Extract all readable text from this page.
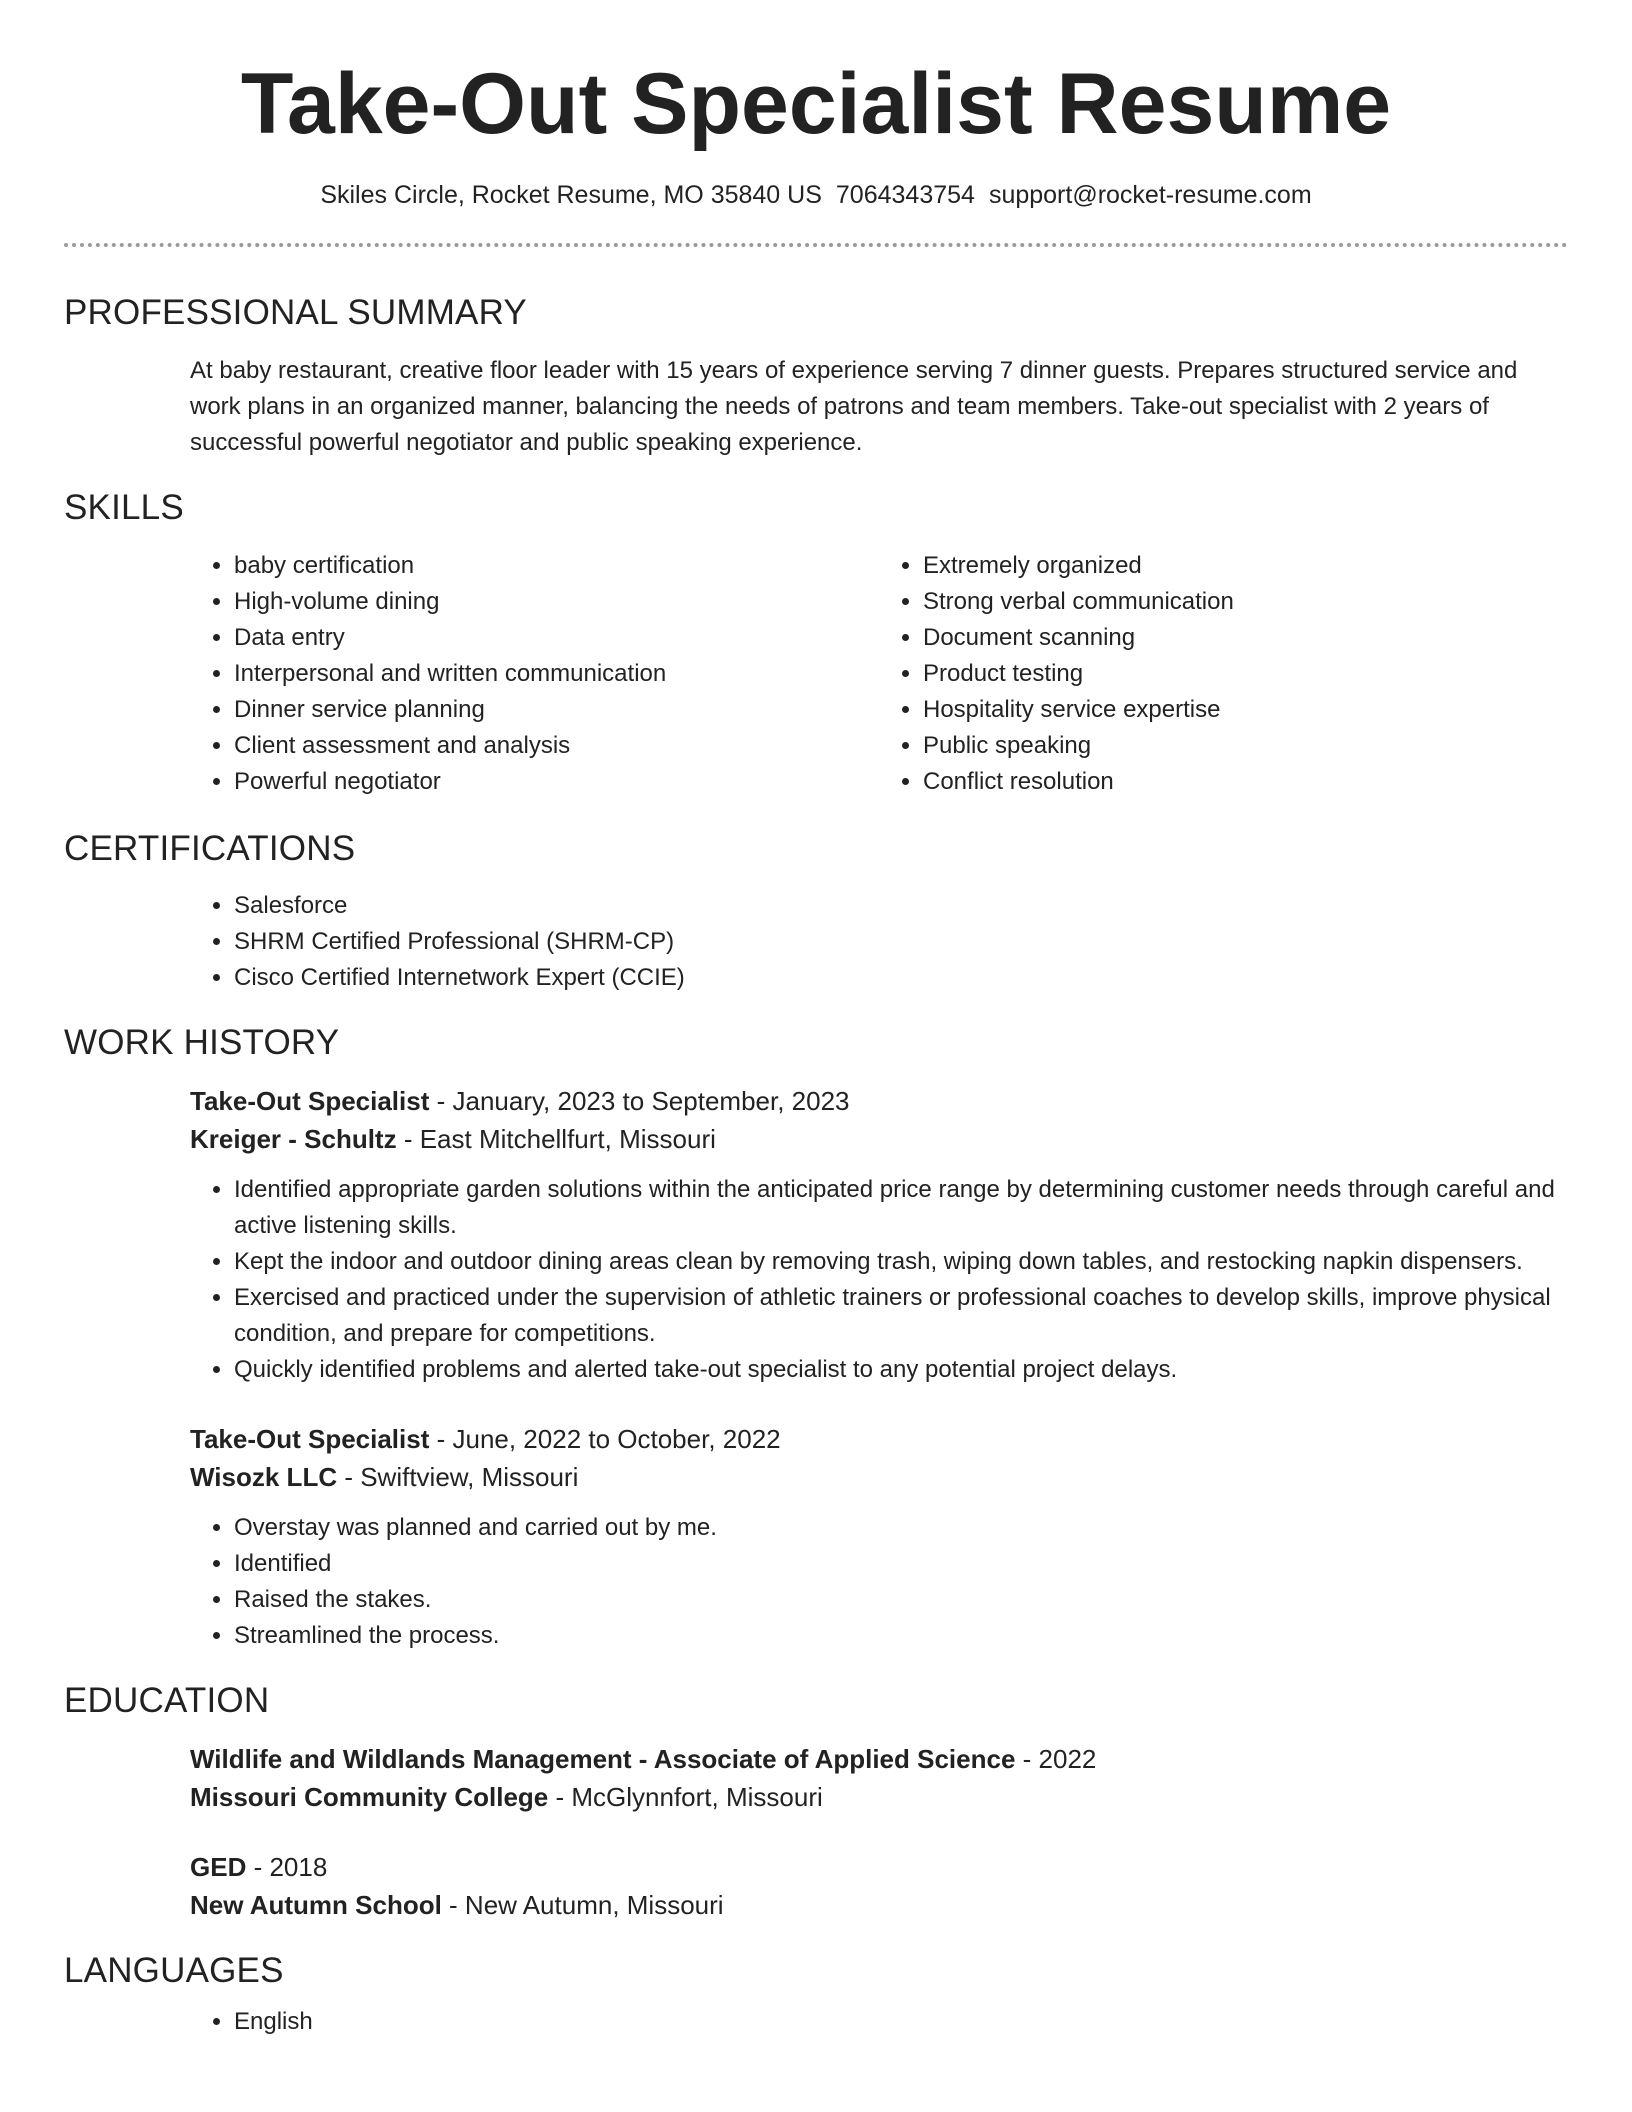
Take-Out Specialist Resume
Skiles Circle, Rocket Resume, MO 35840 US 7064343754 support@rocket-resume.com
PROFESSIONAL SUMMARY

At baby restaurant, creative floor leader with 15 years of experience serving 7 dinner guests. Prepares structured service and work plans in an organized manner, balancing the needs of patrons and team members. Take-out specialist with 2 years of successful powerful negotiator and public speaking experience.

SKILLS
• baby certification
• High-volume dining
• Data entry
• Interpersonal and written communication
• Dinner service planning
• Client assessment and analysis
• Powerful negotiator
• Extremely organized
• Strong verbal communication
• Document scanning
• Product testing
• Hospitality service expertise
• Public speaking
• Conflict resolution
CERTIFICATIONS
• Salesforce
• SHRM Certified Professional (SHRM-CP)
• Cisco Certified Internetwork Expert (CCIE)
WORK HISTORY
Take-Out Specialist - January, 2023 to September, 2023
Kreiger - Schultz - East Mitchellfurt, Missouri
• Identified appropriate garden solutions within the anticipated price range by determining customer needs through careful and active listening skills.
• Kept the indoor and outdoor dining areas clean by removing trash, wiping down tables, and restocking napkin dispensers.
• Exercised and practiced under the supervision of athletic trainers or professional coaches to develop skills, improve physical condition, and prepare for competitions.
• Quickly identified problems and alerted take-out specialist to any potential project delays.
Take-Out Specialist - June, 2022 to October, 2022
Wisozk LLC - Swiftview, Missouri
• Overstay was planned and carried out by me.
• Identified
• Raised the stakes.
• Streamlined the process.
EDUCATION
Wildlife and Wildlands Management - Associate of Applied Science - 2022
Missouri Community College - McGlynnfort, Missouri
GED - 2018
New Autumn School - New Autumn, Missouri
LANGUAGES
• English
